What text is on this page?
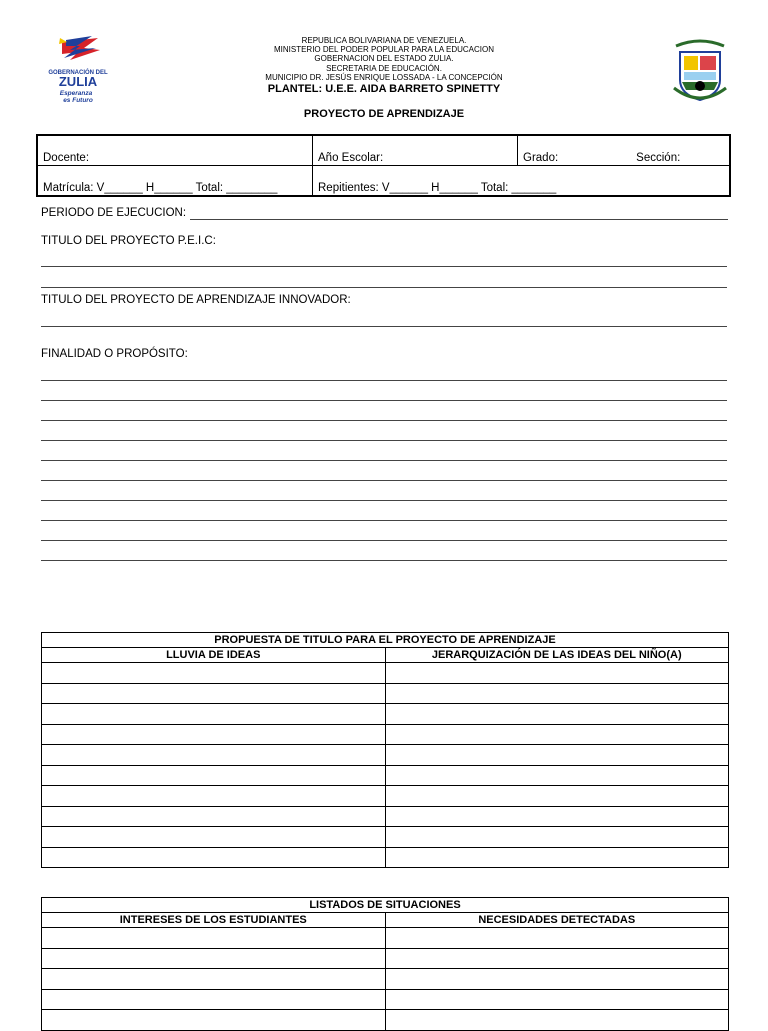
GOBERNACIÓN DEL
ZULIA
Esperanza
es Futuro
REPUBLICA BOLIVARIANA DE VENEZUELA.
MINISTERIO DEL PODER POPULAR PARA LA EDUCACION
GOBERNACION DEL ESTADO ZULIA.
SECRETARIA DE EDUCACIÓN.
MUNICIPIO DR. JESÚS ENRIQUE LOSSADA - LA CONCEPCIÓN
PLANTEL: U.E.E. AIDA BARRETO SPINETTY
PROYECTO DE APRENDIZAJE
Docente:	Año Escolar:	Grado: Sección:
Matrícula: V______ H______ Total: ________	Repitientes: V______ H______ Total: _______	
PERIODO DE EJECUCION:
TITULO DEL PROYECTO P.E.I.C:
TITULO DEL PROYECTO DE APRENDIZAJE INNOVADOR:
FINALIDAD O PROPÓSITO:
PROPUESTA DE TITULO PARA EL PROYECTO DE APRENDIZAJE	
LLUVIA DE IDEAS	JERARQUIZACIÓN DE LAS IDEAS DEL NIÑO(A)

LISTADOS DE SITUACIONES	
INTERESES DE LOS ESTUDIANTES	NECESIDADES DETECTADAS
